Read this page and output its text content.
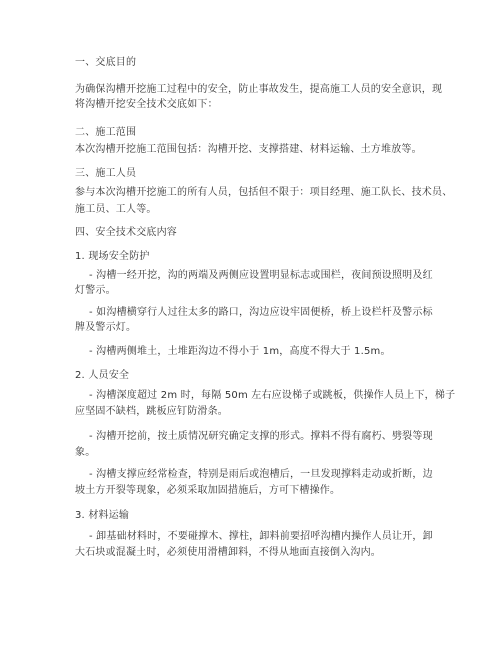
一、交底目的
为确保沟槽开挖施工过程中的安全，防止事故发生，提高施工人员的安全意识，现
将沟槽开挖安全技术交底如下：
二、施工范围
本次沟槽开挖施工范围包括：沟槽开挖、支撑搭建、材料运输、土方堆放等。
三、施工人员
参与本次沟槽开挖施工的所有人员，包括但不限于：项目经理、施工队长、技术员、
施工员、工人等。
四、安全技术交底内容
1. 现场安全防护
- 沟槽一经开挖，沟的两端及两侧应设置明显标志或围栏，夜间预设照明及红
灯警示。
- 如沟槽横穿行人过往太多的路口，沟边应设牢固便桥，桥上设栏杆及警示标
牌及警示灯。
- 沟槽两侧堆土，土堆距沟边不得小于 1m，高度不得大于 1.5m。
2. 人员安全
- 沟槽深度超过 2m 时，每隔 50m 左右应设梯子或跳板，供操作人员上下，梯子
应坚固不缺档，跳板应钉防滑条。
- 沟槽开挖前，按土质情况研究确定支撑的形式。撑料不得有腐朽、劈裂等现
象。
- 沟槽支撑应经常检查，特别是雨后或泡槽后，一旦发现撑料走动或折断，边
坡土方开裂等现象，必须采取加固措施后，方可下槽操作。
3. 材料运输
- 卸基础材料时，不要碰撑木、撑柱，卸料前要招呼沟槽内操作人员让开，卸
大石块或混凝土时，必须使用滑槽卸料，不得从地面直接倒入沟内。
